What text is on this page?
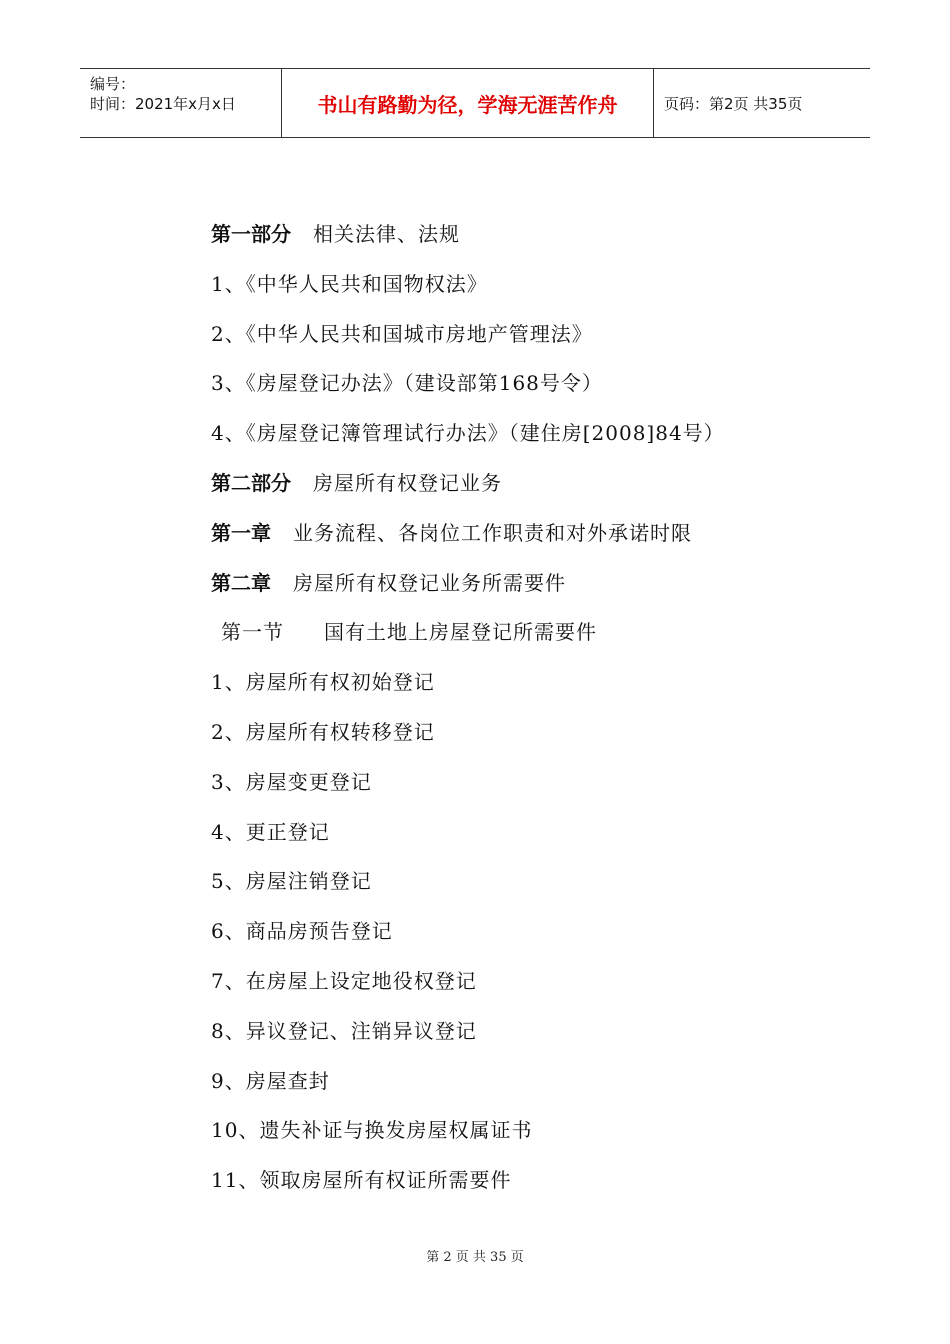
编号：
时间：2021年x月x日	书山有路勤为径，学海无涯苦作舟	页码：第2页 共35页
第一部分 相关法律、法规
1、《中华人民共和国物权法》
2、《中华人民共和国城市房地产管理法》
3、《房屋登记办法》（建设部第168号令）
4、《房屋登记簿管理试行办法》（建住房[2008]84号）
第二部分 房屋所有权登记业务
第一章 业务流程、各岗位工作职责和对外承诺时限
第二章 房屋所有权登记业务所需要件
第一节 国有土地上房屋登记所需要件
1、房屋所有权初始登记
2、房屋所有权转移登记
3、房屋变更登记
4、更正登记
5、房屋注销登记
6、商品房预告登记
7、在房屋上设定地役权登记
8、异议登记、注销异议登记
9、房屋查封
10、遗失补证与换发房屋权属证书
11、领取房屋所有权证所需要件
第 2 页 共 35 页
